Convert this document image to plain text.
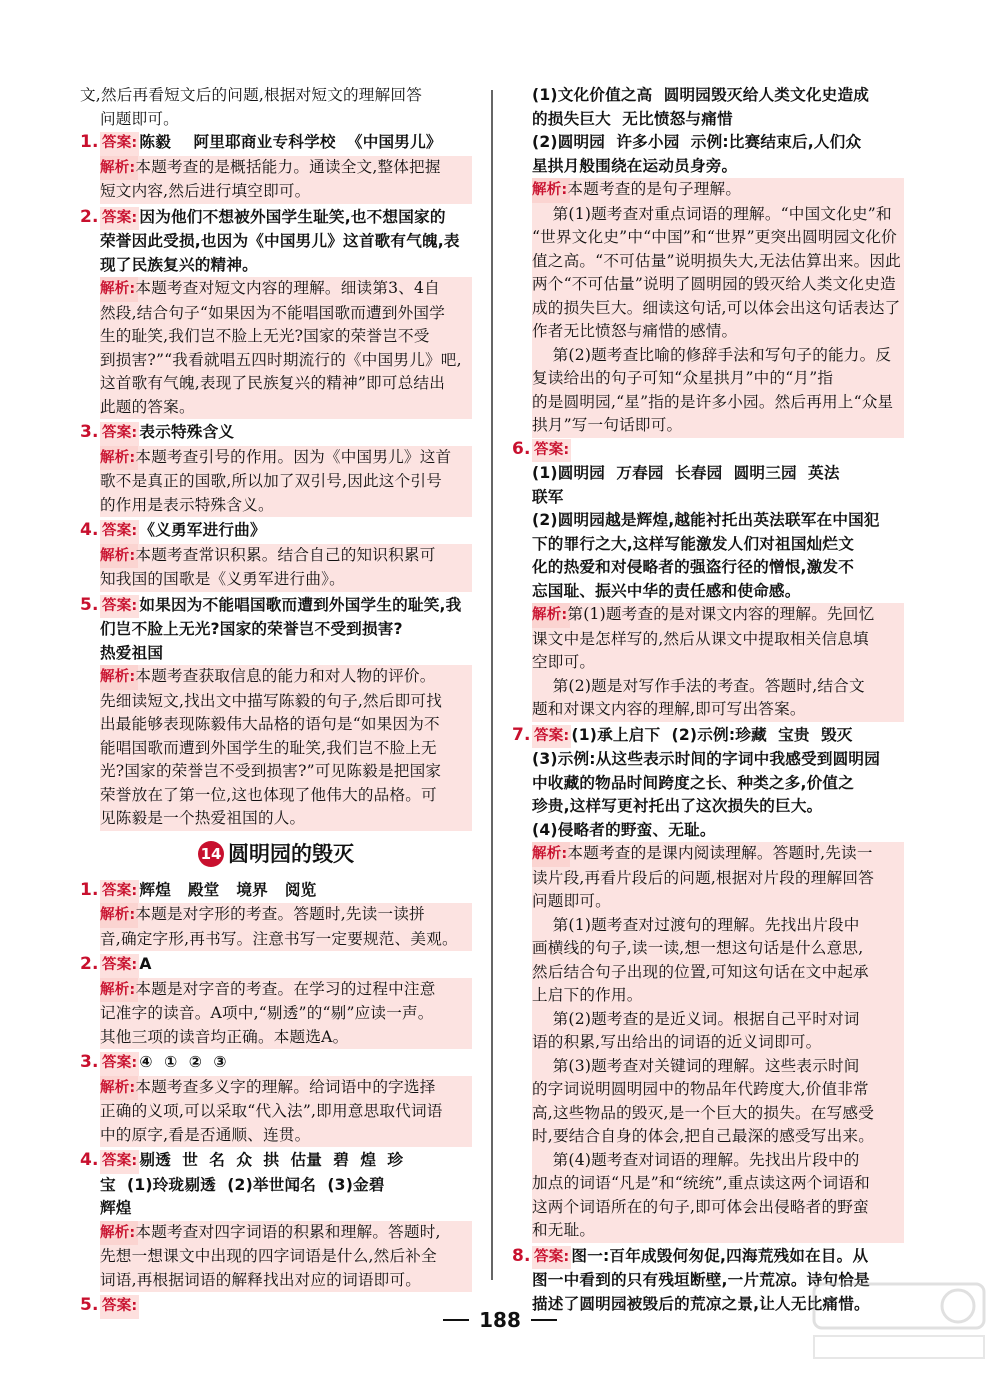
文,然后再看短文后的问题,根据对短文的理解回答
问题即可。
1. 答案: 陈毅    阿里耶商业专科学校  《中国男儿》
解析:本题考查的是概括能力。通读全文,整体把握
短文内容,然后进行填空即可。
2. 答案: 因为他们不想被外国学生耻笑,也不想国家的
荣誉因此受损,也因为《中国男儿》这首歌有气魄,表
现了民族复兴的精神。
解析:本题考查对短文内容的理解。细读第3、4自
然段,结合句子“如果因为不能唱国歌而遭到外国学
生的耻笑,我们岂不脸上无光?国家的荣誉岂不受
到损害?”“我看就唱五四时期流行的《中国男儿》吧,
这首歌有气魄,表现了民族复兴的精神”即可总结出
此题的答案。
3. 答案: 表示特殊含义
解析:本题考查引号的作用。因为《中国男儿》这首
歌不是真正的国歌,所以加了双引号,因此这个引号
的作用是表示特殊含义。
4. 答案: 《义勇军进行曲》
解析:本题考查常识积累。结合自己的知识积累可
知我国的国歌是《义勇军进行曲》。
5. 答案: 如果因为不能唱国歌而遭到外国学生的耻笑,我
们岂不脸上无光?国家的荣誉岂不受到损害?
热爱祖国
解析:本题考查获取信息的能力和对人物的评价。
先细读短文,找出文中描写陈毅的句子,然后即可找
出最能够表现陈毅伟大品格的语句是“如果因为不
能唱国歌而遭到外国学生的耻笑,我们岂不脸上无
光?国家的荣誉岂不受到损害?”可见陈毅是把国家
荣誉放在了第一位,这也体现了他伟大的品格。可
见陈毅是一个热爱祖国的人。
14 圆明园的毁灭
1. 答案: 辉煌   殿堂   境界   阅览
解析:本题是对字形的考查。答题时,先读一读拼
音,确定字形,再书写。注意书写一定要规范、美观。
2. 答案: A
解析:本题是对字音的考查。在学习的过程中注意
记准字的读音。A项中,“剔透”的“剔”应读一声。
其他三项的读音均正确。本题选A。
3. 答案: ④  ①  ②  ③
解析:本题考查多义字的理解。给词语中的字选择
正确的义项,可以采取“代入法”,即用意思取代词语
中的原字,看是否通顺、连贯。
4. 答案: 剔透  世  名  众  拱  估量  碧  煌  珍
宝  (1)玲珑剔透  (2)举世闻名  (3)金碧
辉煌
解析:本题考查对四字词语的积累和理解。答题时,
先想一想课文中出现的四字词语是什么,然后补全
词语,再根据词语的解释找出对应的词语即可。
5. 答案:
(1)文化价值之高  圆明园毁灭给人类文化史造成
的损失巨大  无比愤怒与痛惜
(2)圆明园  许多小园  示例:比赛结束后,人们众
星拱月般围绕在运动员身旁。
解析:本题考查的是句子理解。
第(1)题考查对重点词语的理解。“中国文化史”和
“世界文化史”中“中国”和“世界”更突出圆明园文化价
值之高。“不可估量”说明损失大,无法估算出来。因此
两个“不可估量”说明了圆明园的毁灭给人类文化史造
成的损失巨大。细读这句话,可以体会出这句话表达了
作者无比愤怒与痛惜的感情。
第(2)题考查比喻的修辞手法和写句子的能力。反
复读给出的句子可知“众星拱月”中的“月”指
的是圆明园,“星”指的是许多小园。然后再用上“众星
拱月”写一句话即可。
6. 答案:
(1)圆明园  万春园  长春园  圆明三园  英法
联军
(2)圆明园越是辉煌,越能衬托出英法联军在中国犯
下的罪行之大,这样写能激发人们对祖国灿烂文
化的热爱和对侵略者的强盗行径的憎恨,激发不
忘国耻、振兴中华的责任感和使命感。
解析:第(1)题考查的是对课文内容的理解。先回忆
课文中是怎样写的,然后从课文中提取相关信息填
空即可。
第(2)题是对写作手法的考查。答题时,结合文
题和对课文内容的理解,即可写出答案。
7. 答案: (1)承上启下  (2)示例:珍藏  宝贵  毁灭
(3)示例:从这些表示时间的字词中我感受到圆明园
中收藏的物品时间跨度之长、种类之多,价值之
珍贵,这样写更衬托出了这次损失的巨大。
(4)侵略者的野蛮、无耻。
解析:本题考查的是课内阅读理解。答题时,先读一
读片段,再看片段后的问题,根据对片段的理解回答
问题即可。
第(1)题考查对过渡句的理解。先找出片段中
画横线的句子,读一读,想一想这句话是什么意思,
然后结合句子出现的位置,可知这句话在文中起承
上启下的作用。
第(2)题考查的是近义词。根据自己平时对词
语的积累,写出给出的词语的近义词即可。
第(3)题考查对关键词的理解。这些表示时间
的字词说明圆明园中的物品年代跨度大,价值非常
高,这些物品的毁灭,是一个巨大的损失。在写感受
时,要结合自身的体会,把自己最深的感受写出来。
第(4)题考查对词语的理解。先找出片段中的
加点的词语“凡是”和“统统”,重点读这两个词语和
这两个词语所在的句子,即可体会出侵略者的野蛮
和无耻。
8. 答案: 图一:百年成毁何匆促,四海荒残如在目。从
图一中看到的只有残垣断壁,一片荒凉。诗句恰是
描述了圆明园被毁后的荒凉之景,让人无比痛惜。
188
